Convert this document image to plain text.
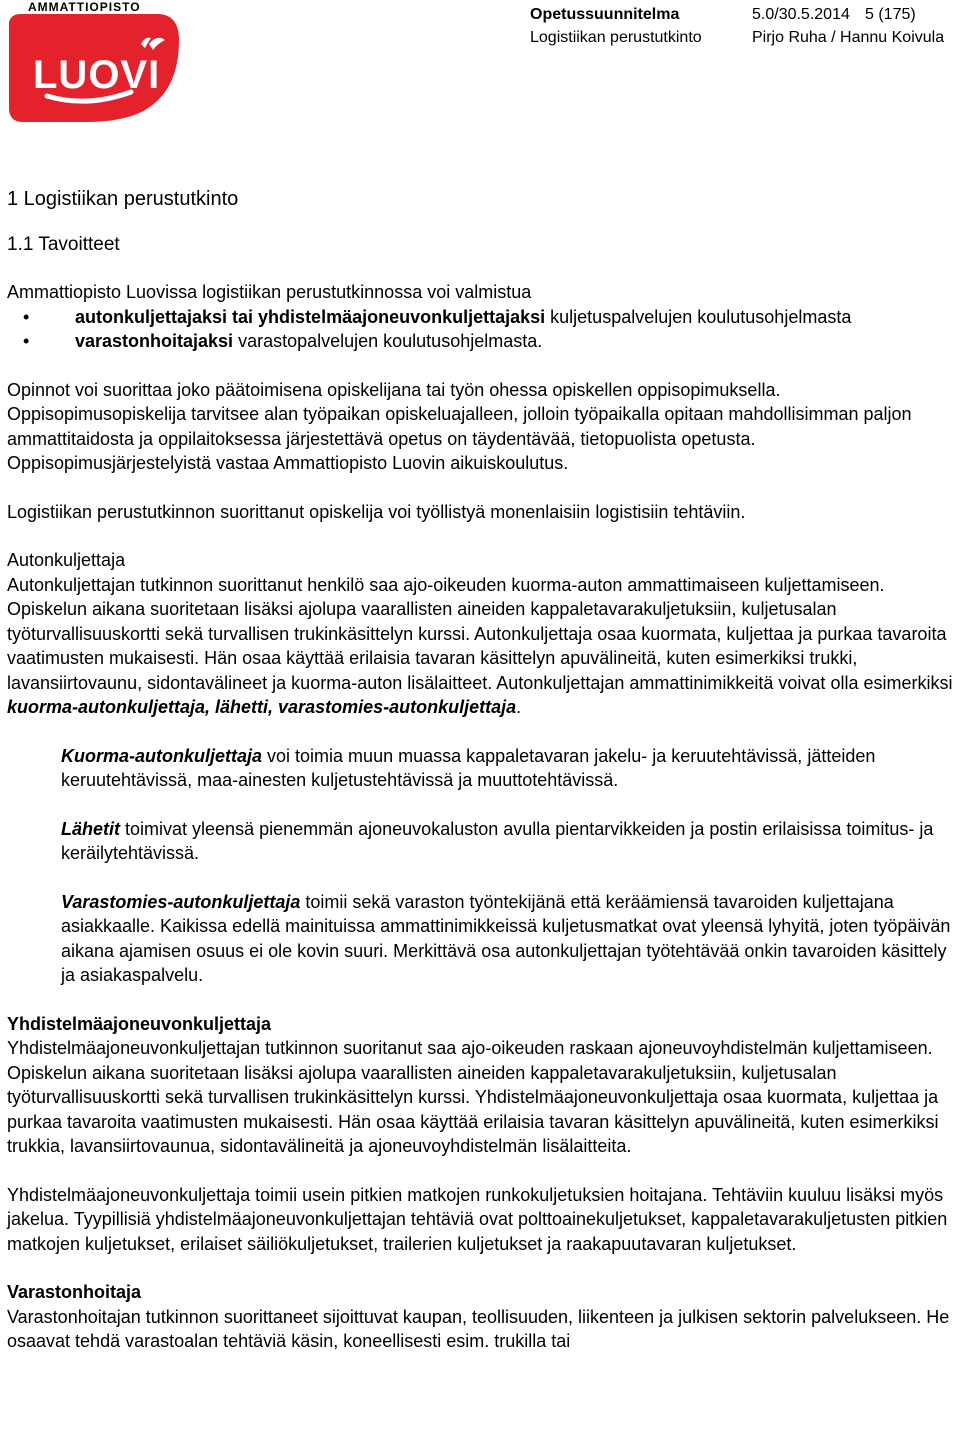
AMMATTIOPISTO
LUOVI
Opetussuunnitelma
Logistiikan perustutkinto
5.0/30.5.2014 5 (175)
Pirjo Ruha / Hannu Koivula
1 Logistiikan perustutkinto
1.1 Tavoitteet

Ammattiopisto Luovissa logistiikan perustutkinnossa voi valmistua

•	autonkuljettajaksi tai yhdistelmäajoneuvonkuljettajaksi kuljetuspalvelujen koulutusohjelmasta
•	varastonhoitajaksi varastopalvelujen koulutusohjelmasta.

Opinnot voi suorittaa joko päätoimisena opiskelijana tai työn ohessa opiskellen oppisopimuksella. Oppisopimusopiskelija tarvitsee alan työpaikan opiskeluajalleen, jolloin työpaikalla opitaan mahdollisimman paljon ammattitaidosta ja oppilaitoksessa järjestettävä opetus on täydentävää, tietopuolista opetusta. Oppisopimusjärjestelyistä vastaa Ammattiopisto Luovin aikuiskoulutus.

Logistiikan perustutkinnon suorittanut opiskelija voi työllistyä monenlaisiin logistisiin tehtäviin.

Autonkuljettaja

Autonkuljettajan tutkinnon suorittanut henkilö saa ajo-oikeuden kuorma-auton ammattimaiseen kuljettamiseen. Opiskelun aikana suoritetaan lisäksi ajolupa vaarallisten aineiden kappaletavarakuljetuksiin, kuljetusalan työturvallisuuskortti sekä turvallisen trukinkäsittelyn kurssi. Autonkuljettaja osaa kuormata, kuljettaa ja purkaa tavaroita vaatimusten mukaisesti. Hän osaa käyttää erilaisia tavaran käsittelyn apuvälineitä, kuten esimerkiksi trukki, lavansiirtovaunu, sidontavälineet ja kuorma-auton lisälaitteet. Autonkuljettajan ammattinimikkeitä voivat olla esimerkiksi kuorma-autonkuljettaja, lähetti, varastomies-autonkuljettaja.

Kuorma-autonkuljettaja voi toimia muun muassa kappaletavaran jakelu- ja keruutehtävissä, jätteiden keruutehtävissä, maa-ainesten kuljetustehtävissä ja muuttotehtävissä.

Lähetit toimivat yleensä pienemmän ajoneuvokaluston avulla pientarvikkeiden ja postin erilaisissa toimitus- ja keräilytehtävissä.

Varastomies-autonkuljettaja toimii sekä varaston työntekijänä että keräämiensä tavaroiden kuljettajana asiakkaalle. Kaikissa edellä mainituissa ammattinimikkeissä kuljetusmatkat ovat yleensä lyhyitä, joten työpäivän aikana ajamisen osuus ei ole kovin suuri. Merkittävä osa autonkuljettajan työtehtävää onkin tavaroiden käsittely ja asiakaspalvelu.

Yhdistelmäajoneuvonkuljettaja

Yhdistelmäajoneuvonkuljettajan tutkinnon suoritanut saa ajo-oikeuden raskaan ajoneuvoyhdistelmän kuljettamiseen. Opiskelun aikana suoritetaan lisäksi ajolupa vaarallisten aineiden kappaletavarakuljetuksiin, kuljetusalan työturvallisuuskortti sekä turvallisen trukinkäsittelyn kurssi. Yhdistelmäajoneuvonkuljettaja osaa kuormata, kuljettaa ja purkaa tavaroita vaatimusten mukaisesti. Hän osaa käyttää erilaisia tavaran käsittelyn apuvälineitä, kuten esimerkiksi trukkia, lavansiirtovaunua, sidontavälineitä ja ajoneuvoyhdistelmän lisälaitteita.

Yhdistelmäajoneuvonkuljettaja toimii usein pitkien matkojen runkokuljetuksien hoitajana. Tehtäviin kuuluu lisäksi myös jakelua. Tyypillisiä yhdistelmäajoneuvonkuljettajan tehtäviä ovat polttoainekuljetukset, kappaletavarakuljetusten pitkien matkojen kuljetukset, erilaiset säiliökuljetukset, trailerien kuljetukset ja raakapuutavaran kuljetukset.

Varastonhoitaja

Varastonhoitajan tutkinnon suorittaneet sijoittuvat kaupan, teollisuuden, liikenteen ja julkisen sektorin palvelukseen. He osaavat tehdä varastoalan tehtäviä käsin, koneellisesti esim. trukilla tai
